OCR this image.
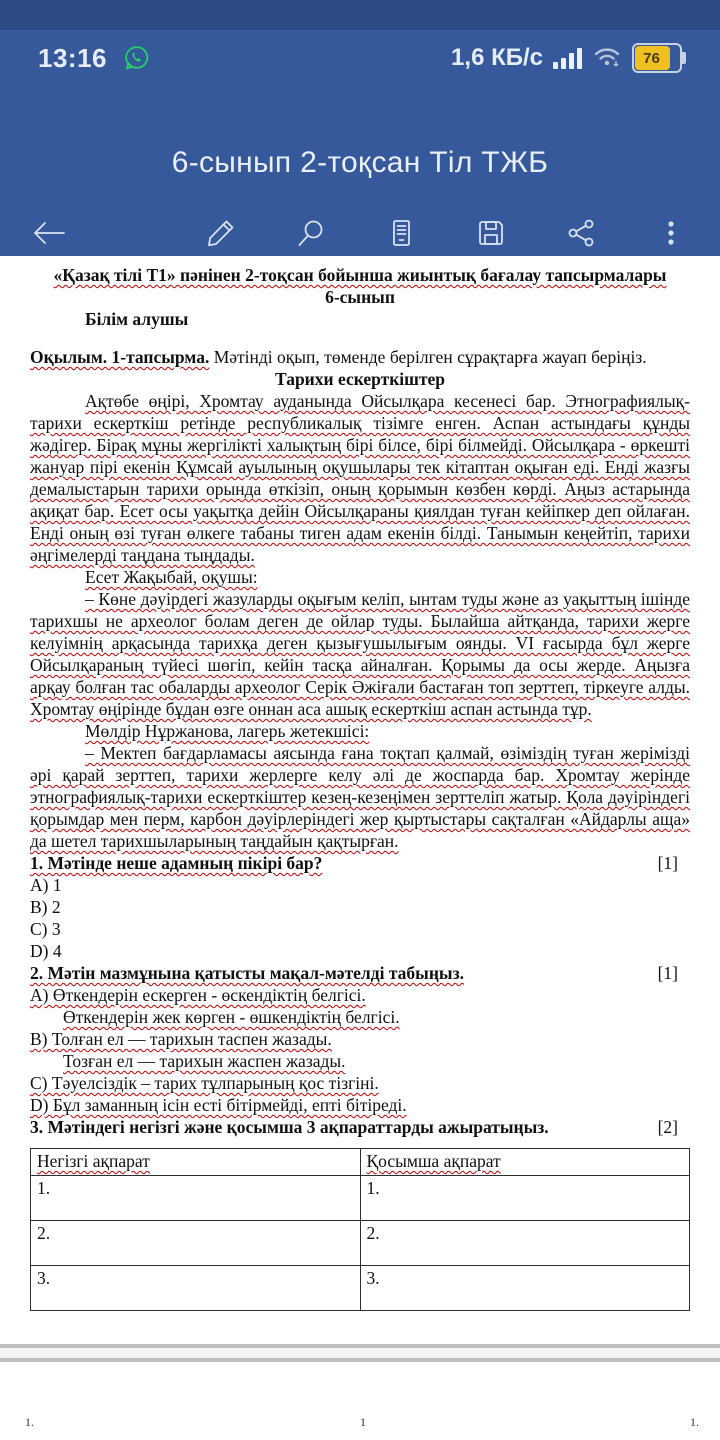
13:16	1,6 КБ/с	76
6-сынып 2-тоқсан Тіл ТЖБ
«Қазақ тілі Т1» пәнінен 2-тоқсан бойынша жиынтық бағалау тапсырмалары
6-сынып
Білім алушы
Оқылым. 1-тапсырма. Мәтінді оқып, төменде берілген сұрақтарға жауап беріңіз.
Тарихи ескерткіштер
Ақтөбе өңірі, Хромтау ауданында Ойсылқара кесенесі бар. Этнографиялық-тарихи ескерткіш ретінде республикалық тізімге енген. Аспан астындағы құнды жәдігер. Бірақ мұны жергілікті халықтың бірі білсе, бірі білмейді. Ойсылқара - өркешті жануар пірі екенін Құмсай ауылының оқушылары тек кітаптан оқыған еді. Енді жазғы демалыстарын тарихи орында өткізіп, оның қорымын көзбен көрді. Аңыз астарында ақиқат бар. Есет осы уақытқа дейін Ойсылқараны қиялдан туған кейіпкер деп ойлаған. Енді оның өзі туған өлкеге табаны тиген адам екенін білді. Танымын кеңейтіп, тарихи әңгімелерді таңдана тыңдады.
Есет Жақыбай, оқушы:
– Көне дәуірдегі жазуларды оқығым келіп, ынтам туды және аз уақыттың ішінде тарихшы не археолог болам деген де ойлар туды. Былайша айтқанда, тарихи жерге келуімнің арқасында тарихқа деген қызығушылығым оянды. VI ғасырда бұл жерге Ойсылқараның түйесі шөгіп, кейін тасқа айналған. Қорымы да осы жерде. Аңызға арқау болған тас обаларды археолог Серік Әжіғали бастаған топ зерттеп, тіркеуге алды. Хромтау өңірінде бұдан өзге оннан аса ашық ескерткіш аспан астында тұр.
Мөлдір Нұржанова, лагерь жетекшісі:
– Мектеп бағдарламасы аясында ғана тоқтап қалмай, өзіміздің туған жерімізді әрі қарай зерттеп, тарихи жерлерге келу әлі де жоспарда бар. Хромтау жерінде этнографиялық-тарихи ескерткіштер кезең-кезеңімен зерттеліп жатыр. Қола дәуіріндегі қорымдар мен перм, карбон дәуірлеріндегі жер қыртыстары сақталған «Айдарлы аща» да шетел тарихшыларының таңдайын қақтырған.
1. Мәтінде неше адамның пікірі бар?	[1]
A) 1
B) 2
C) 3
D) 4
2. Мәтін мазмұнына қатысты мақал-мәтелді табыңыз.	[1]
A) Өткендерін ескерген - өскендіктің белгісі.
Өткендерін жек көрген - өшкендіктің белгісі.
B) Толған ел — тарихын таспен жазады.
Тозған ел — тарихын жаспен жазады.
C) Тәуелсіздік – тарих тұлпарының қос тізгіні.
D) Бұл заманның ісін есті бітірмейді, епті бітіреді.
3. Мәтіндегі негізгі және қосымша 3 ақпараттарды ажыратыңыз.	[2]
Негізгі ақпарат	Қосымша ақпарат
1.	1.
2.	2.
3.	3.
1.	1	1.
